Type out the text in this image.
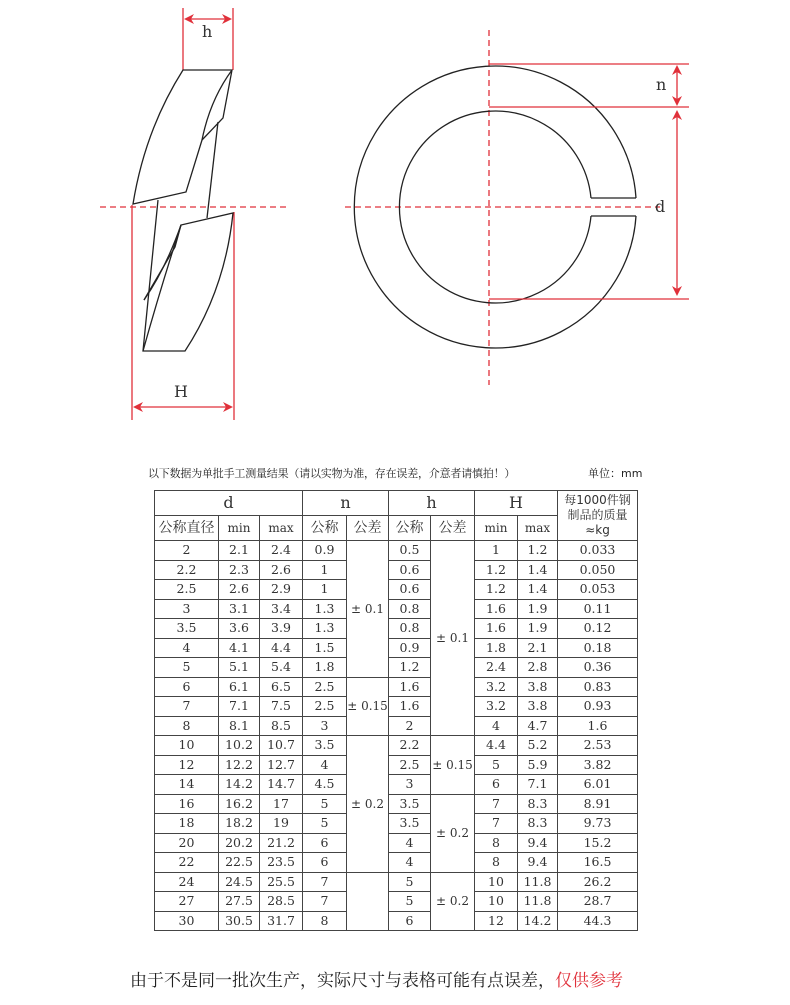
h
H
n
d
以下数据为单批手工测量结果（请以实物为准，存在误差，介意者请慎拍！）	单位：mm
d			n		h		H		每1000件钢
制品的质量
≈kg

公称直径	min	max	公称	公差	公称	公差	min	max	
2	2.1	2.4	0.9	± 0.1	0.5	± 0.1	1	1.2	0.033
2.2	2.3	2.6	1		0.6		1.2	1.4	0.050
2.5	2.6	2.9	1		0.6		1.2	1.4	0.053
3	3.1	3.4	1.3		0.8		1.6	1.9	0.11
3.5	3.6	3.9	1.3		0.8		1.6	1.9	0.12
4	4.1	4.4	1.5		0.9		1.8	2.1	0.18
5	5.1	5.4	1.8		1.2		2.4	2.8	0.36
6	6.1	6.5	2.5	± 0.15	1.6		3.2	3.8	0.83
7	7.1	7.5	2.5		1.6		3.2	3.8	0.93
8	8.1	8.5	3		2		4	4.7	1.6
10	10.2	10.7	3.5	± 0.2	2.2	± 0.15	4.4	5.2	2.53
12	12.2	12.7	4		2.5		5	5.9	3.82
14	14.2	14.7	4.5		3		6	7.1	6.01
16	16.2	17	5		3.5	± 0.2	7	8.3	8.91
18	18.2	19	5		3.5		7	8.3	9.73
20	20.2	21.2	6		4		8	9.4	15.2
22	22.5	23.5	6		4		8	9.4	16.5
24	24.5	25.5	7		5	± 0.2	10	11.8	26.2
27	27.5	28.5	7		5		10	11.8	28.7
30	30.5	31.7	8		6		12	14.2	44.3
由于不是同一批次生产，实际尺寸与表格可能有点误差，仅供参考
